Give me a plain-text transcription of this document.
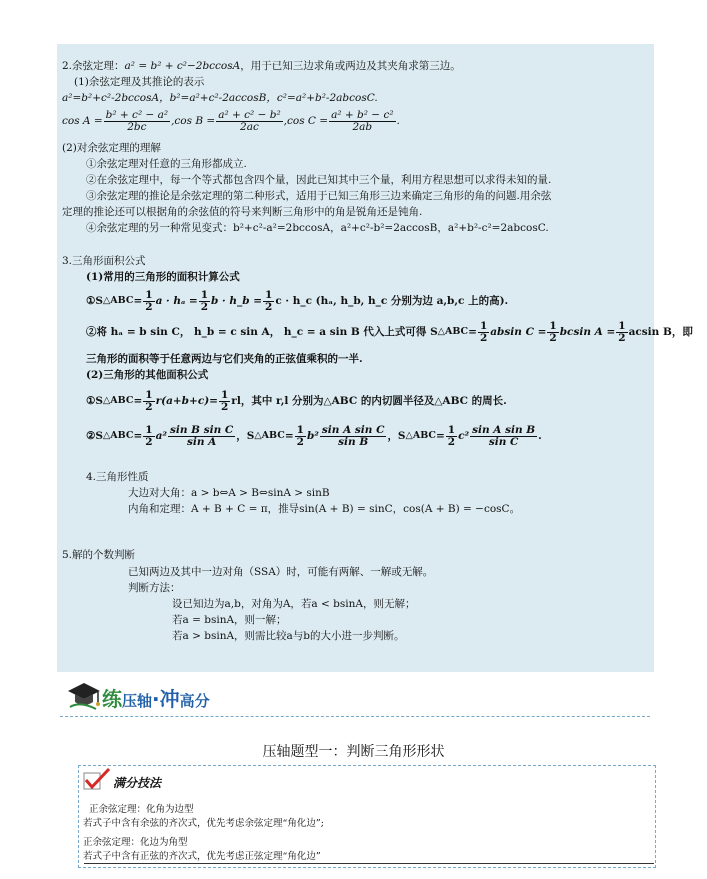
2.余弦定理：a² = b² + c²−2bccosA，用于已知三边求角或两边及其夹角求第三边。
(1)余弦定理及其推论的表示
a²=b²+c²-2bccosA，b²=a²+c²-2accosB，c²=a²+b²-2abcosC.
$\cos A = \frac{\text{b² + c² − a²}}{2bc} ,\cos$ $B = \frac{\text{a² + c² − b²}}{2ac} ,\cos$ $C = \frac{\text{a² + b² − c²}}{2ab}$ .
(2)对余弦定理的理解
①余弦定理对任意的三角形都成立.
②在余弦定理中，每一个等式都包含四个量，因此已知其中三个量，利用方程思想可以求得未知的量.
③余弦定理的推论是余弦定理的第二种形式，适用于已知三角形三边来确定三角形的角的问题.用余弦
定理的推论还可以根据角的余弦值的符号来判断三角形中的角是锐角还是钝角.
④余弦定理的另一种常见变式：b²+c²-a²=2bccosA，a²+c²-b²=2accosB，a²+b²-c²=2abcosC.
3.三角形面积公式
(1)常用的三角形的面积计算公式
①S △ABC = $\frac{1}{2}$ $a \cdot h_a = \frac{1}{2}$ b · h_b = $\frac{1}{2}$ c · h_c (hₐ, h_b, h_c 分别为边 a,b,c 上的高).
②将 hₐ = b sin C， h_b = c sin A， h_c = a sin B 代入上式可得 S △ABC = $\frac{1}{2}$ absin $C = \frac{1}{2}$ bcsin $A = \frac{1}{2}$ acsin B，即
三角形的面积等于任意两边与它们夹角的正弦值乘积的一半.
(2)三角形的其他面积公式
①S △ABC = $\frac{1}{2} r(a+b+c)= \frac{1}{2}$ rl，其中 r,l 分别为△ABC 的内切圆半径及△ABC 的周长.
②S △ABC = $\frac{1}{2} a^2 \frac{\text{sin B sin C}}{\text{sin A}}$ ，S △ABC = $\frac{1}{2} b^2 \frac{\text{sin A sin C}}{\text{sin B}}$ ，S △ABC = $\frac{1}{2} c^2 \frac{\text{sin A sin B}}{\text{sin C}}$ .
4.三角形性质
大边对大角：a > b⇔A > B⇔sinA > sinB
内角和定理：A + B + C = π，推导sin(A + B) = sinC，cos(A + B) = −cosC。
5.解的个数判断
已知两边及其中一边对角（SSA）时，可能有两解、一解或无解。
判断方法：
设已知边为a,b，对角为A，若a < bsinA，则无解；
若a = bsinA，则一解；
若a > bsinA，则需比较a与b的大小进一步判断。
练压轴·冲高分
压轴题型一：判断三角形形状
满分技法
正余弦定理：化角为边型
若式子中含有余弦的齐次式，优先考虑余弦定理“角化边”;
正余弦定理：化边为角型
若式子中含有正弦的齐次式，优先考虑正弦定理“角化边”
